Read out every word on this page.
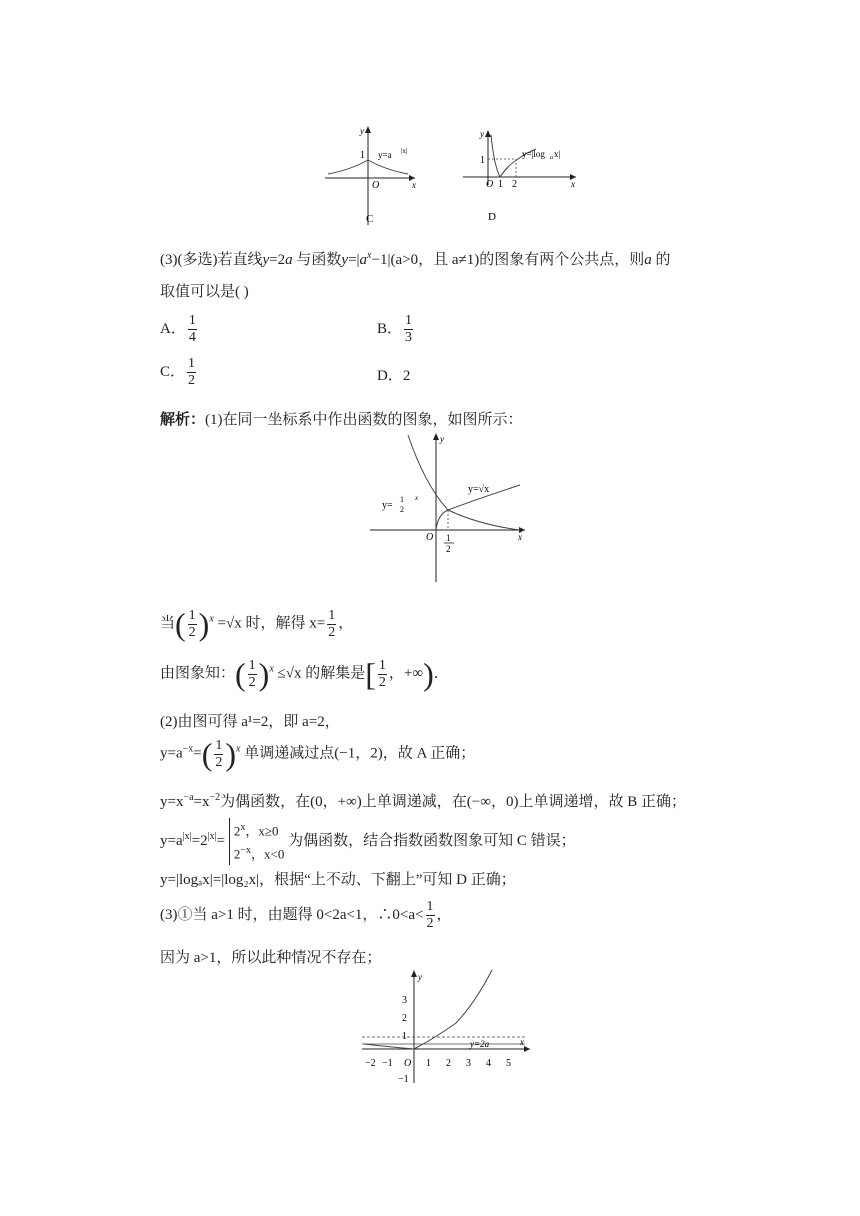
1
O	x
y
y=a |x|
C
1
O 1 2	x
y
y=|log a x|
D
(3)(多选)若直线y=2a 与函数$y=|a^x-1|(a>0$，且 a≠1)的图象有两个公共点，则a 的
取值可以是( )
A． $\frac{1}{4}$	B． $\frac{1}{3}$
C． $\frac{1}{2}$	D．2
解析：(1)在同一坐标系中作出函数的图象，如图所示：
y=
1
2
x
y=√x
O 1
2
x
y
当( $\frac{1}{2} )^x =√x$ 时，解得 $x= \frac{1}{2}$ ，
由图象知：( $\frac{1}{2} )^x \le√x$ 的解集是[ $\frac{1}{2}$ ，+∞)．
(2)由图可得 a¹=2，即 a=2，
$y=a^{-x}=( \frac{1}{2} )^x$ 单调递减过点(−1，2)，故 A 正确；
$y=x^{-a}=x^{-2}$为偶函数，在(0，+∞)上单调递减，在(−∞，0)上单调递增，故 B 正确；
$y=a^{|x|}=2^{|x|}= 2^x$，x≥0
$2^{-x}$，x<0 为偶函数，结合指数函数图象可知 C 错误；
y=|logₐx|=|log₂x|，根据“上不动、下翻上”可知 D 正确；
(3)①当 a>1 时，由题得 0<2a<1，∴0<a< $\frac{1}{2}$ ，
因为 a>1，所以此种情况不存在；
3
2
1
−1
−2 −1 O 1 2 3 4 5
y=2a	x
y
